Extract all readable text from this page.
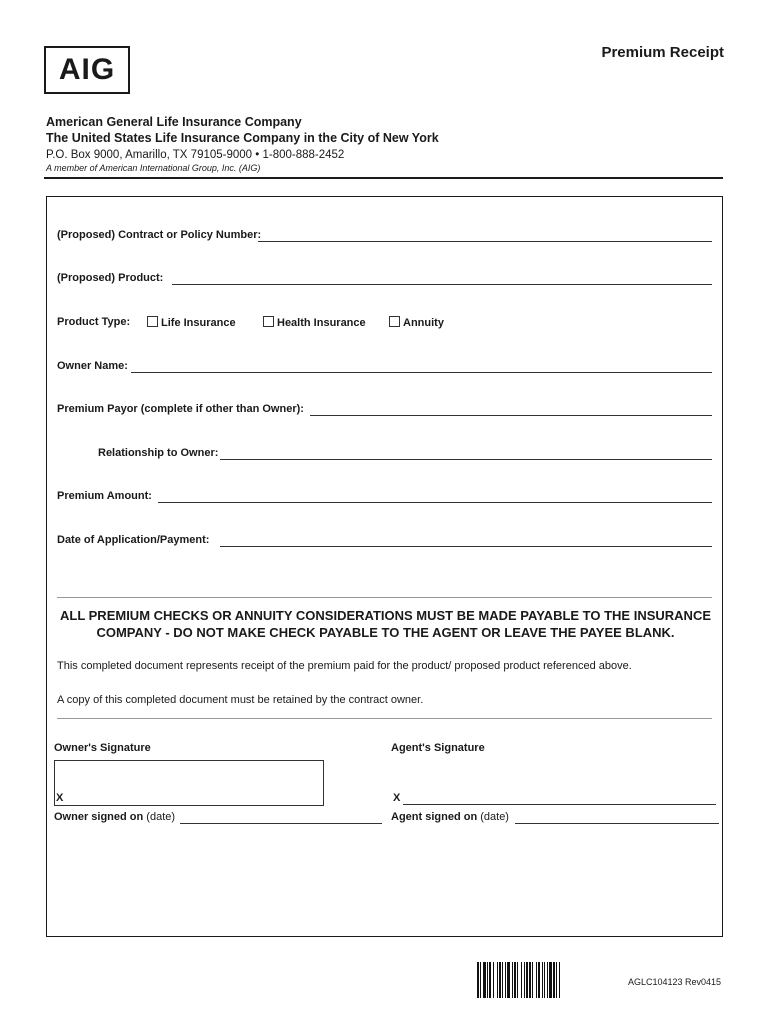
AIG
Premium Receipt
American General Life Insurance Company
The United States Life Insurance Company in the City of New York
P.O. Box 9000, Amarillo, TX 79105-9000 • 1-800-888-2452
A member of American International Group, Inc. (AIG)
(Proposed) Contract or Policy Number:
(Proposed) Product:
Product Type:	Life Insurance	Health Insurance	Annuity
Owner Name:
Premium Payor (complete if other than Owner):
Relationship to Owner:
Premium Amount:
Date of Application/Payment:
ALL PREMIUM CHECKS OR ANNUITY CONSIDERATIONS MUST BE MADE PAYABLE TO THE INSURANCE COMPANY - DO NOT MAKE CHECK PAYABLE TO THE AGENT OR LEAVE THE PAYEE BLANK.
This completed document represents receipt of the premium paid for the product/ proposed product referenced above.
A copy of this completed document must be retained by the contract owner.
Owner's Signature	Agent's Signature
X	X
Owner signed on (date)	Agent signed on (date)
AGLC104123 Rev0415
